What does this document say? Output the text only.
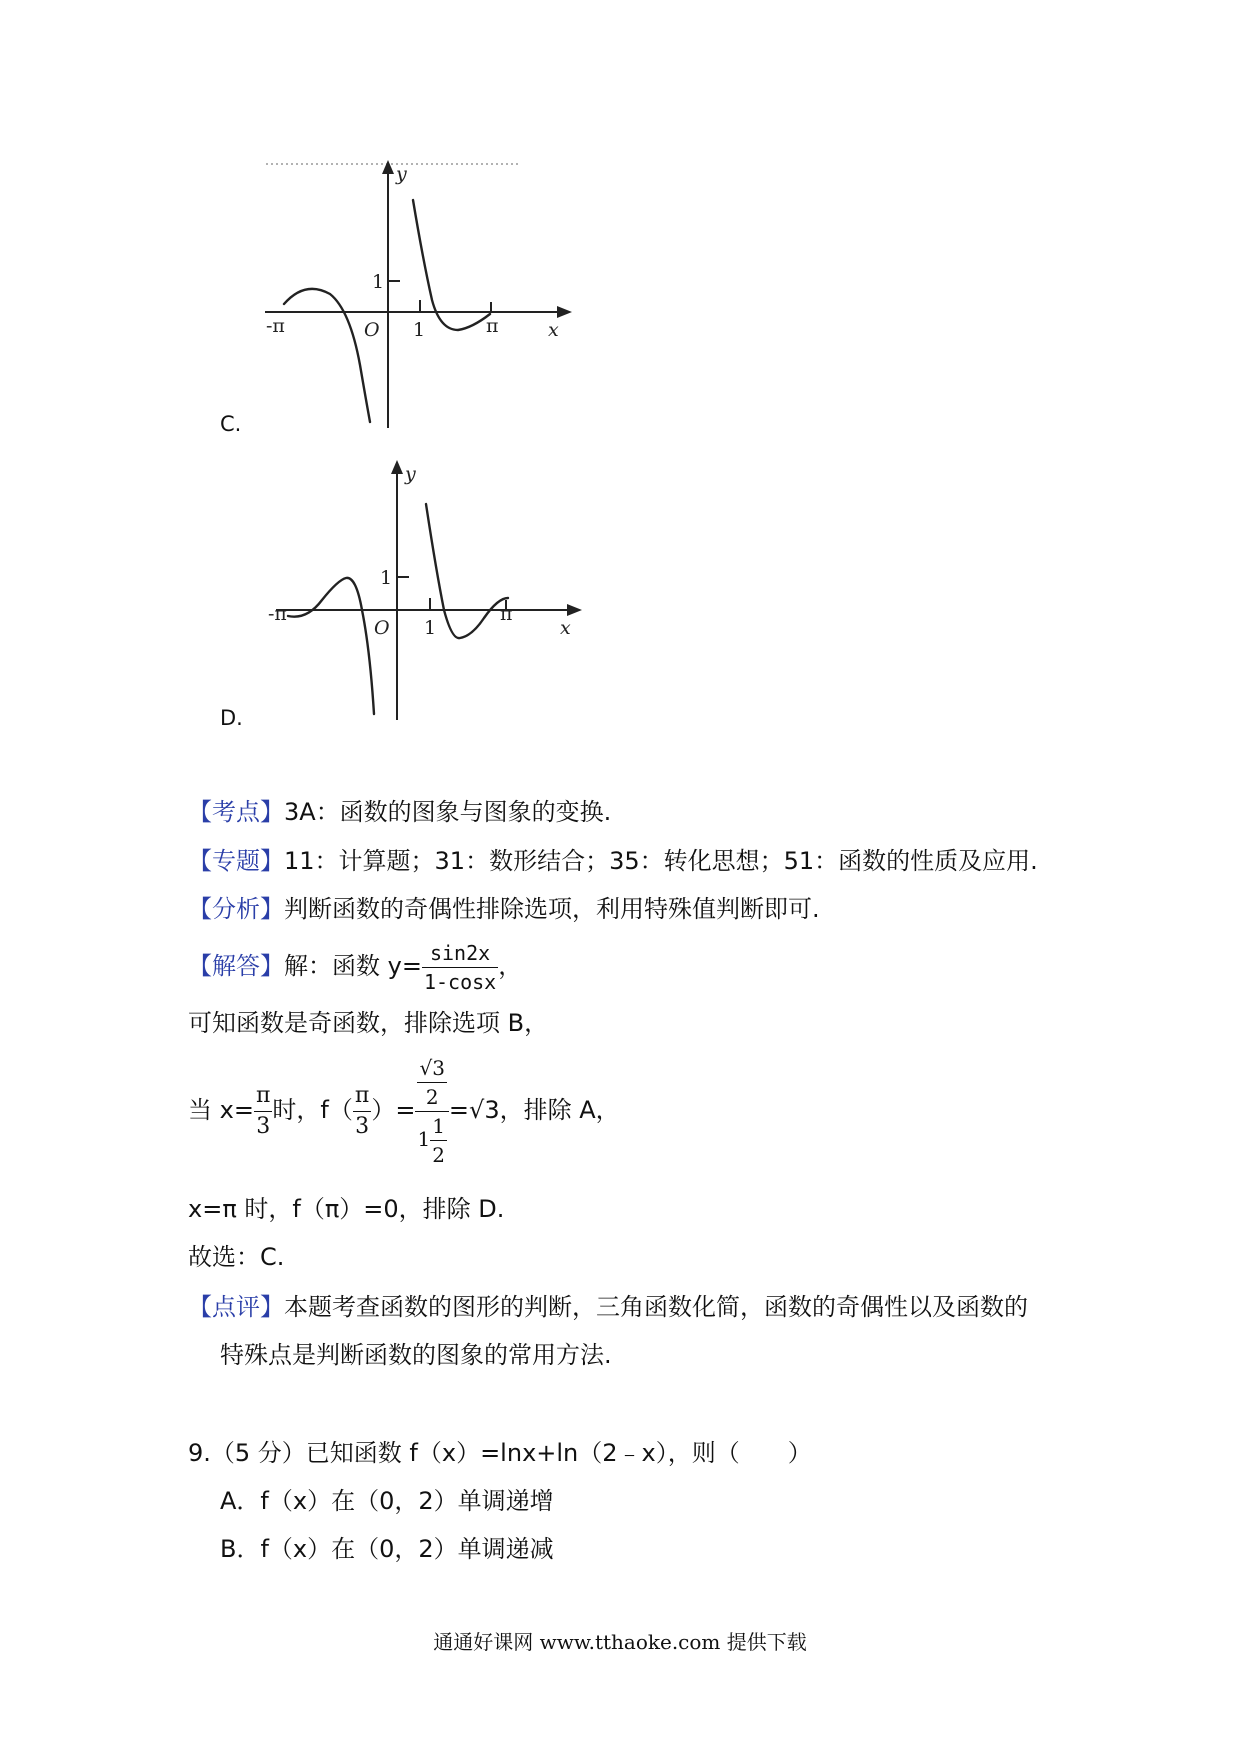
y
x
1
1
O
-π	π
C.
y
x
1
1
O
-π	π
D.
【考点】3A：函数的图象与图象的变换.
【专题】11：计算题；31：数形结合；35：转化思想；51：函数的性质及应用.
【分析】判断函数的奇偶性排除选项，利用特殊值判断即可.
【解答】解：函数 $y= \frac{\sin 2x}{1-\cos x}$ ，
可知函数是奇函数，排除选项 B，
当 $x= \frac{\pi}{3}$ 时，$f( \frac{\pi}{3}$ ）= $\frac{\frac{√3}{2}}{1 \frac{1}{2}} =√3$，排除 A，
x=π 时，f（π）=0，排除 D.
故选：C.
【点评】本题考查函数的图形的判断，三角函数化简，函数的奇偶性以及函数的
特殊点是判断函数的图象的常用方法.
9.（5 分）已知函数 f（x）=lnx+ln（2﹣x），则（　　）
A．f（x）在（0，2）单调递增
B．f（x）在（0，2）单调递减
通通好课网 www.tthaoke.com 提供下载
